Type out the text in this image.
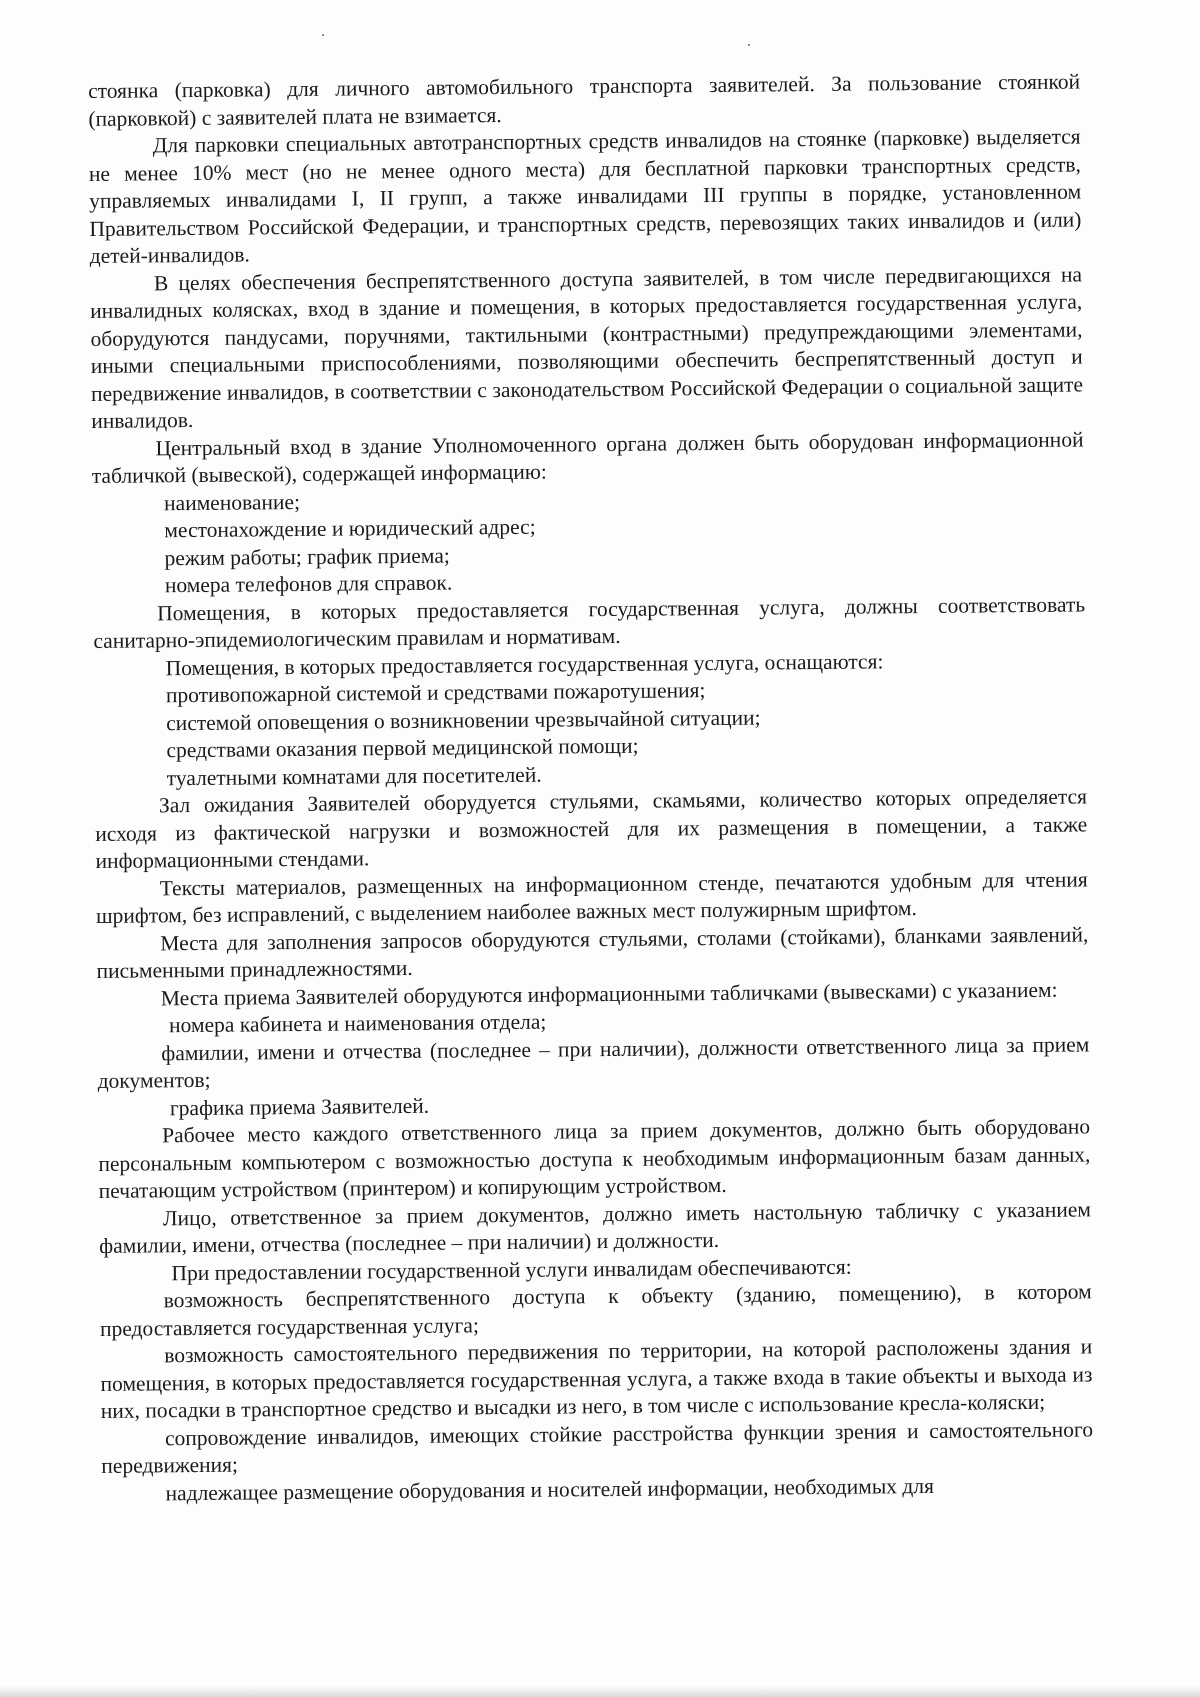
стоянка (парковка) для личного автомобильного транспорта заявителей. За пользование стоянкой (парковкой) с заявителей плата не взимается.

Для парковки специальных автотранспортных средств инвалидов на стоянке (парковке) выделяется не менее 10% мест (но не менее одного места) для бесплатной парковки транспортных средств, управляемых инвалидами I, II групп, а также инвалидами III группы в порядке, установленном Правительством Российской Федерации, и транспортных средств, перевозящих таких инвалидов и (или) детей-инвалидов.

В целях обеспечения беспрепятственного доступа заявителей, в том числе передвигающихся на инвалидных колясках, вход в здание и помещения, в которых предоставляется государственная услуга, оборудуются пандусами, поручнями, тактильными (контрастными) предупреждающими элементами, иными специальными приспособлениями, позволяющими обеспечить беспрепятственный доступ и передвижение инвалидов, в соответствии с законодательством Российской Федерации о социальной защите инвалидов.

Центральный вход в здание Уполномоченного органа должен быть оборудован информационной табличкой (вывеской), содержащей информацию:

наименование;

местонахождение и юридический адрес;

режим работы; график приема;

номера телефонов для справок.

Помещения, в которых предоставляется государственная услуга, должны соответствовать санитарно-эпидемиологическим правилам и нормативам.

Помещения, в которых предоставляется государственная услуга, оснащаются:

противопожарной системой и средствами пожаротушения;

системой оповещения о возникновении чрезвычайной ситуации;

средствами оказания первой медицинской помощи;

туалетными комнатами для посетителей.

Зал ожидания Заявителей оборудуется стульями, скамьями, количество которых определяется исходя из фактической нагрузки и возможностей для их размещения в помещении, а также информационными стендами.

Тексты материалов, размещенных на информационном стенде, печатаются удобным для чтения шрифтом, без исправлений, с выделением наиболее важных мест полужирным шрифтом.

Места для заполнения запросов оборудуются стульями, столами (стойками), бланками заявлений, письменными принадлежностями.

Места приема Заявителей оборудуются информационными табличками (вывесками) с указанием:

номера кабинета и наименования отдела;

фамилии, имени и отчества (последнее – при наличии), должности ответственного лица за прием документов;

графика приема Заявителей.

Рабочее место каждого ответственного лица за прием документов, должно быть оборудовано персональным компьютером с возможностью доступа к необходимым информационным базам данных, печатающим устройством (принтером) и копирующим устройством.

Лицо, ответственное за прием документов, должно иметь настольную табличку с указанием фамилии, имени, отчества (последнее – при наличии) и должности.

При предоставлении государственной услуги инвалидам обеспечиваются:

возможность беспрепятственного доступа к объекту (зданию, помещению), в котором предоставляется государственная услуга;

возможность самостоятельного передвижения по территории, на которой расположены здания и помещения, в которых предоставляется государственная услуга, а также входа в такие объекты и выхода из них, посадки в транспортное средство и высадки из него, в том числе с использование кресла-коляски;

сопровождение инвалидов, имеющих стойкие расстройства функции зрения и самостоятельного передвижения;

надлежащее размещение оборудования и носителей информации, необходимых для
